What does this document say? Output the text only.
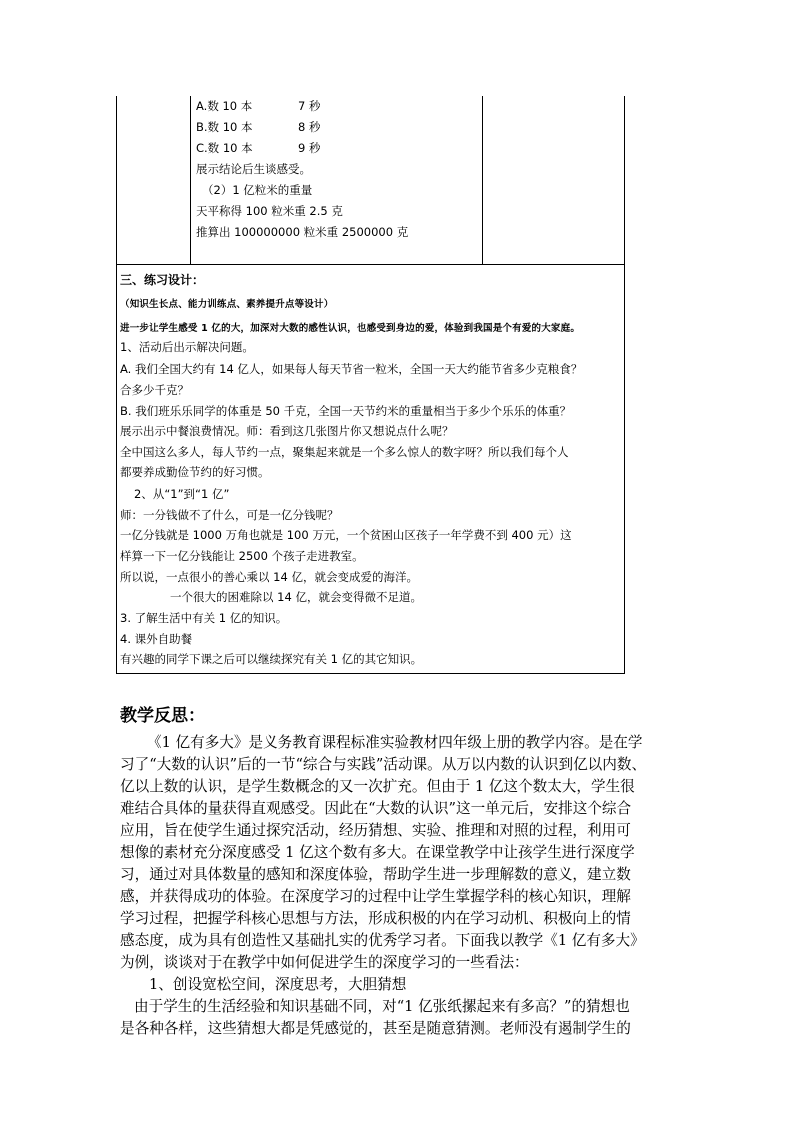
A.数 10 本	7 秒
B.数 10 本	8 秒
C.数 10 本	9 秒
展示结论后生谈感受。
（2）1 亿粒米的重量
天平称得 100 粒米重 2.5 克
推算出 100000000 粒米重 2500000 克
三、练习设计：
（知识生长点、能力训练点、素养提升点等设计）
进一步让学生感受 1 亿的大，加深对大数的感性认识，也感受到身边的爱，体验到我国是个有爱的大家庭。
1、活动后出示解决问题。
A. 我们全国大约有 14 亿人，如果每人每天节省一粒米，全国一天大约能节省多少克粮食？
合多少千克？
B. 我们班乐乐同学的体重是 50 千克，全国一天节约米的重量相当于多少个乐乐的体重？
展示出示中餐浪费情况。师：看到这几张图片你又想说点什么呢？
全中国这么多人，每人节约一点，聚集起来就是一个多么惊人的数字呀？所以我们每个人
都要养成勤俭节约的好习惯。
2、从“1”到“1 亿”
师：一分钱做不了什么，可是一亿分钱呢？
一亿分钱就是 1000 万角也就是 100 万元，一个贫困山区孩子一年学费不到 400 元）这
样算一下一亿分钱能让 2500 个孩子走进教室。
所以说，一点很小的善心乘以 14 亿，就会变成爱的海洋。
一个很大的困难除以 14 亿，就会变得微不足道。
3. 了解生活中有关 1 亿的知识。
4. 课外自助餐
有兴趣的同学下课之后可以继续探究有关 1 亿的其它知识。
教学反思：
《1 亿有多大》是义务教育课程标准实验教材四年级上册的教学内容。是在学
习了“大数的认识”后的一节“综合与实践”活动课。从万以内数的认识到亿以内数、
亿以上数的认识，是学生数概念的又一次扩充。但由于 1 亿这个数太大，学生很
难结合具体的量获得直观感受。因此在“大数的认识”这一单元后，安排这个综合
应用，旨在使学生通过探究活动，经历猜想、实验、推理和对照的过程，利用可
想像的素材充分深度感受 1 亿这个数有多大。在课堂教学中让孩学生进行深度学
习，通过对具体数量的感知和深度体验，帮助学生进一步理解数的意义，建立数
感，并获得成功的体验。在深度学习的过程中让学生掌握学科的核心知识，理解
学习过程，把握学科核心思想与方法，形成积极的内在学习动机、积极向上的情
感态度，成为具有创造性又基础扎实的优秀学习者。下面我以教学《1 亿有多大》
为例，谈谈对于在教学中如何促进学生的深度学习的一些看法：
1、创设宽松空间，深度思考，大胆猜想
由于学生的生活经验和知识基础不同，对“1 亿张纸摞起来有多高？”的猜想也
是各种各样，这些猜想大都是凭感觉的，甚至是随意猜测。老师没有遏制学生的
